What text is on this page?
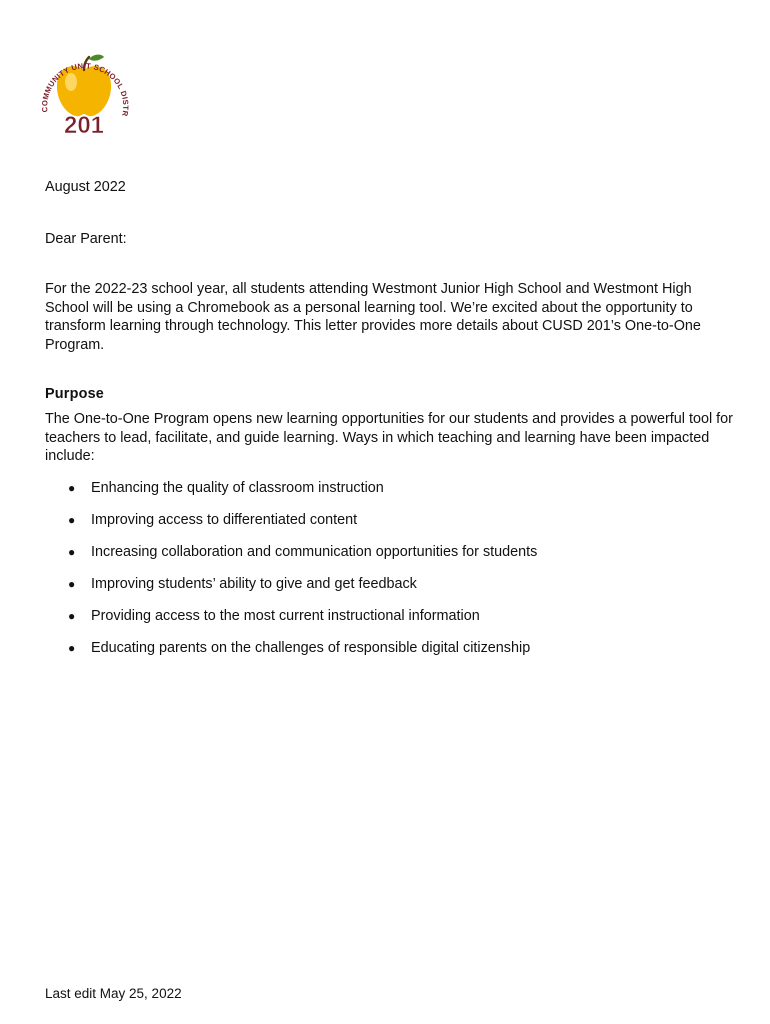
COMMUNITY UNIT SCHOOL DISTR
201

August 2022

Dear Parent:

For the 2022-23 school year, all students attending Westmont Junior High School and Westmont High School will be using a Chromebook as a personal learning tool. We’re excited about the opportunity to transform learning through technology. This letter provides more details about CUSD 201’s One-to-One Program.

Purpose

The One-to-One Program opens new learning opportunities for our students and provides a powerful tool for teachers to lead, facilitate, and guide learning. Ways in which teaching and learning have been impacted include:

● Enhancing the quality of classroom instruction
● Improving access to differentiated content
● Increasing collaboration and communication opportunities for students
● Improving students’ ability to give and get feedback
● Providing access to the most current instructional information
● Educating parents on the challenges of responsible digital citizenship
Last edit May 25, 2022
